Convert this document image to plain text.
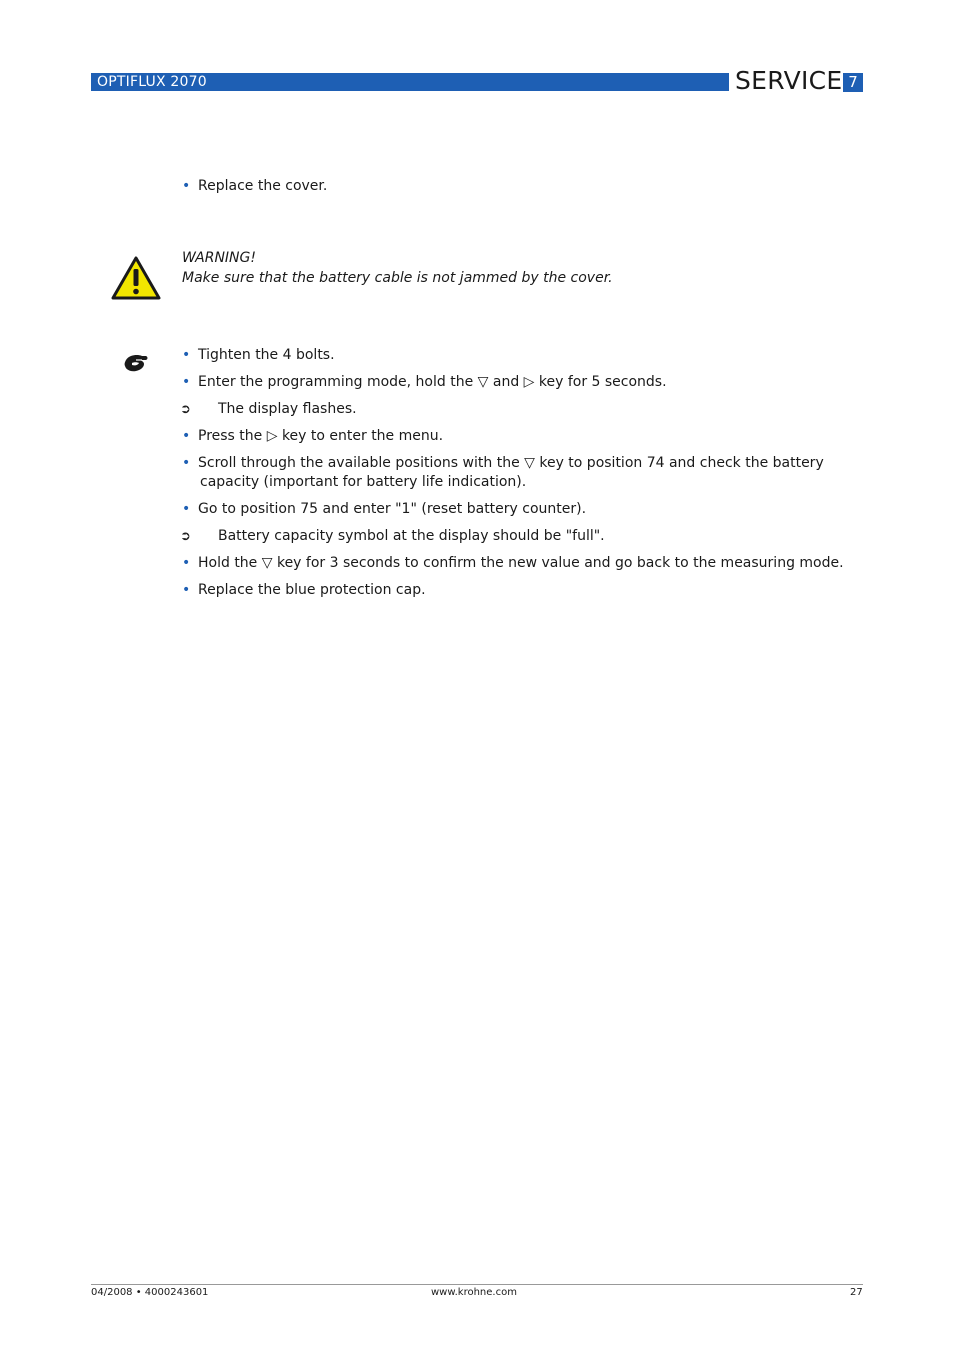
OPTIFLUX 2070	SERVICE 7
• Replace the cover.
WARNING!
Make sure that the battery cable is not jammed by the cover.
• Tighten the 4 bolts.
• Enter the programming mode, hold the ▽ and ▷ key for 5 seconds.
➲ The display flashes.
• Press the ▷ key to enter the menu.
• Scroll through the available positions with the ▽ key to position 74 and check the battery
capacity (important for battery life indication).
• Go to position 75 and enter "1" (reset battery counter).
➲ Battery capacity symbol at the display should be "full".
• Hold the ▽ key for 3 seconds to confirm the new value and go back to the measuring mode.
• Replace the blue protection cap.
04/2008 • 4000243601	www.krohne.com	27
